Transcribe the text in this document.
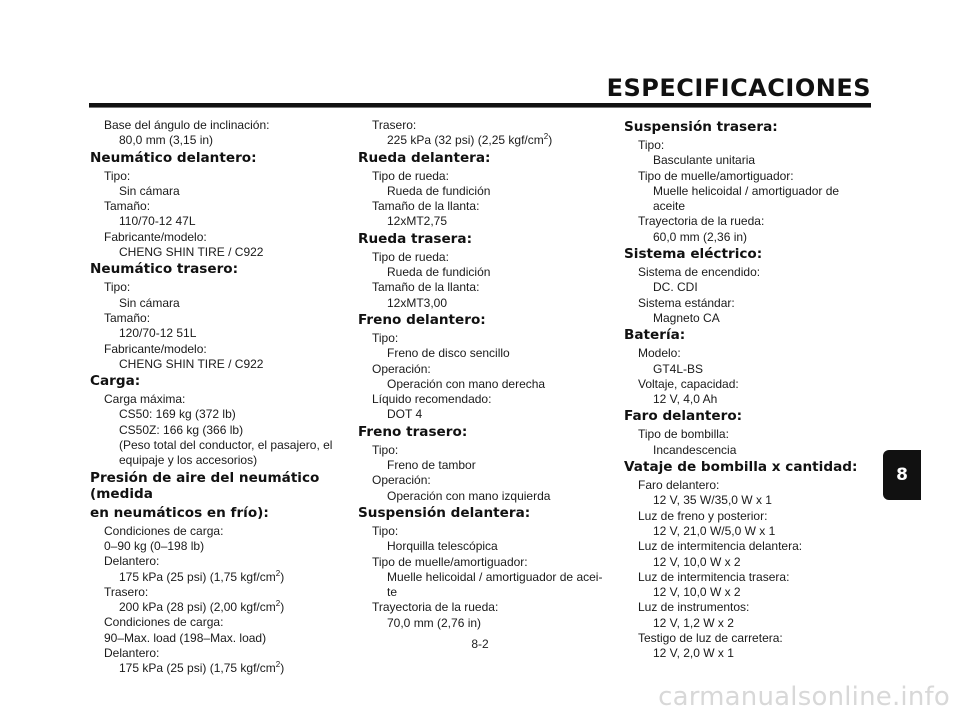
ESPECIFICACIONES
Base del ángulo de inclinación:
80,0 mm (3,15 in)
Neumático delantero:
Tipo:
Sin cámara
Tamaño:
110/70-12 47L
Fabricante/modelo:
CHENG SHIN TIRE / C922
Neumático trasero:
Tipo:
Sin cámara
Tamaño:
120/70-12 51L
Fabricante/modelo:
CHENG SHIN TIRE / C922
Carga:
Carga máxima:
CS50: 169 kg (372 lb)
CS50Z: 166 kg (366 lb)
(Peso total del conductor, el pasajero, el
equipaje y los accesorios)
Presión de aire del neumático (medida
en neumáticos en frío):
Condiciones de carga:
0–90 kg (0–198 lb)
Delantero:
175 kPa (25 psi) (1,75 kgf/$cm^2$)
Trasero:
200 kPa (28 psi) (2,00 kgf/$cm^2$)
Condiciones de carga:
90–Max. load (198–Max. load)
Delantero:
175 kPa (25 psi) (1,75 kgf/$cm^2$)
Trasero:
225 kPa (32 psi) (2,25 kgf/$cm^2$)
Rueda delantera:
Tipo de rueda:
Rueda de fundición
Tamaño de la llanta:
12xMT2,75
Rueda trasera:
Tipo de rueda:
Rueda de fundición
Tamaño de la llanta:
12xMT3,00
Freno delantero:
Tipo:
Freno de disco sencillo
Operación:
Operación con mano derecha
Líquido recomendado:
DOT 4
Freno trasero:
Tipo:
Freno de tambor
Operación:
Operación con mano izquierda
Suspensión delantera:
Tipo:
Horquilla telescópica
Tipo de muelle/amortiguador:
Muelle helicoidal / amortiguador de acei-
te
Trayectoria de la rueda:
70,0 mm (2,76 in)
Suspensión trasera:
Tipo:
Basculante unitaria
Tipo de muelle/amortiguador:
Muelle helicoidal / amortiguador de
aceite
Trayectoria de la rueda:
60,0 mm (2,36 in)
Sistema eléctrico:
Sistema de encendido:
DC. CDI
Sistema estándar:
Magneto CA
Batería:
Modelo:
GT4L-BS
Voltaje, capacidad:
12 V, 4,0 Ah
Faro delantero:
Tipo de bombilla:
Incandescencia
Vataje de bombilla x cantidad:
Faro delantero:
12 V, 35 W/35,0 W x 1
Luz de freno y posterior:
12 V, 21,0 W/5,0 W x 1
Luz de intermitencia delantera:
12 V, 10,0 W x 2
Luz de intermitencia trasera:
12 V, 10,0 W x 2
Luz de instrumentos:
12 V, 1,2 W x 2
Testigo de luz de carretera:
12 V, 2,0 W x 1
8-2
8
carmanualsonline.info
